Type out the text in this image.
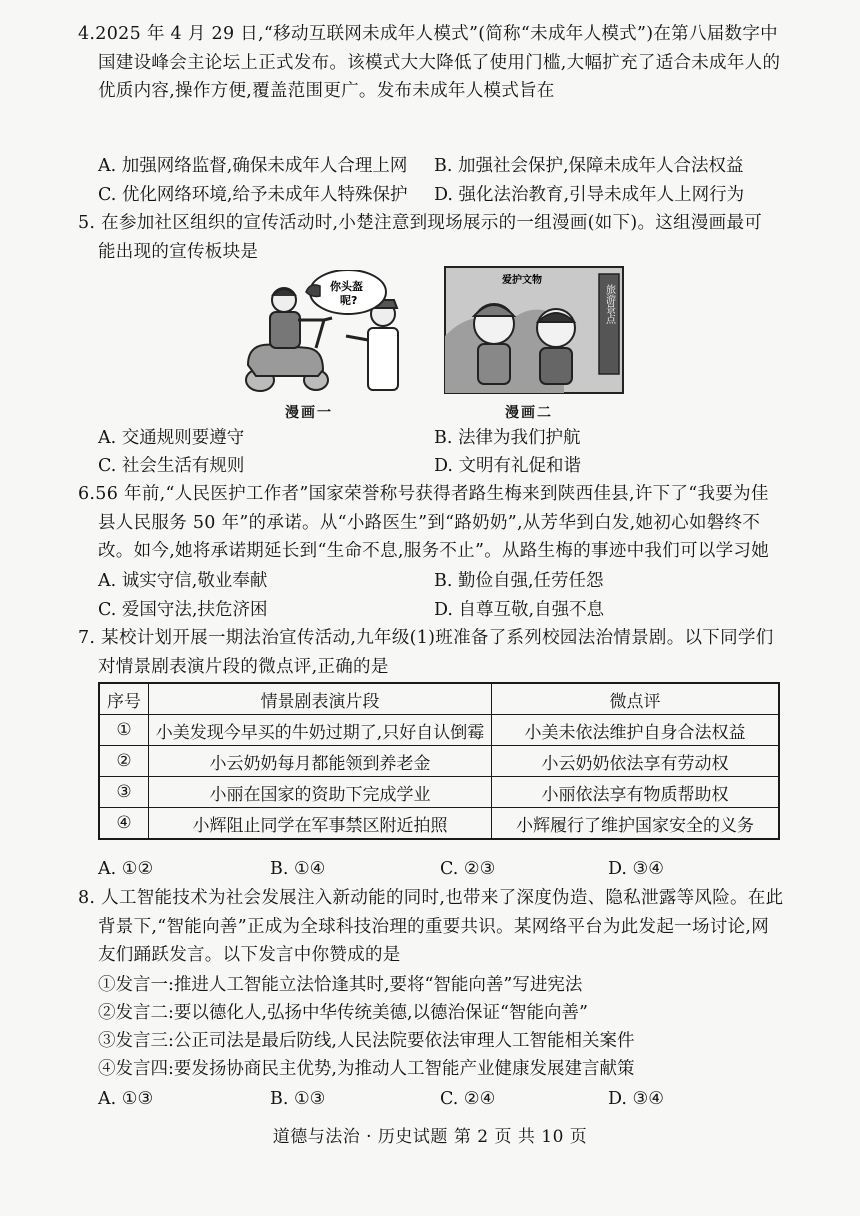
4.2025 年 4 月 29 日,“移动互联网未成年人模式”(简称“未成年人模式”)在第八届数字中
国建设峰会主论坛上正式发布。该模式大大降低了使用门槛,大幅扩充了适合未成年人的
优质内容,操作方便,覆盖范围更广。发布未成年人模式旨在
A. 加强网络监督,确保未成年人合理上网 B. 加强社会保护,保障未成年人合法权益
C. 优化网络环境,给予未成年人特殊保护 D. 强化法治教育,引导未成年人上网行为
5. 在参加社区组织的宣传活动时,小楚注意到现场展示的一组漫画(如下)。这组漫画最可
能出现的宣传板块是
你头盔
呢?
漫画一
旅游景点
爱护文物
漫画二
A. 交通规则要遵守	B. 法律为我们护航
C. 社会生活有规则	D. 文明有礼促和谐
6.56 年前,“人民医护工作者”国家荣誉称号获得者路生梅来到陕西佳县,许下了“我要为佳
县人民服务 50 年”的承诺。从“小路医生”到“路奶奶”,从芳华到白发,她初心如磐终不
改。如今,她将承诺期延长到“生命不息,服务不止”。从路生梅的事迹中我们可以学习她
A. 诚实守信,敬业奉献	B. 勤俭自强,任劳任怨
C. 爱国守法,扶危济困	D. 自尊互敬,自强不息
7. 某校计划开展一期法治宣传活动,九年级(1)班准备了系列校园法治情景剧。以下同学们
对情景剧表演片段的微点评,正确的是
序号	情景剧表演片段	微点评
①	小美发现今早买的牛奶过期了,只好自认倒霉	小美未依法维护自身合法权益
②	小云奶奶每月都能领到养老金	小云奶奶依法享有劳动权
③	小丽在国家的资助下完成学业	小丽依法享有物质帮助权
④	小辉阻止同学在军事禁区附近拍照	小辉履行了维护国家安全的义务
A. ①②	B. ①④	C. ②③	D. ③④
8. 人工智能技术为社会发展注入新动能的同时,也带来了深度伪造、隐私泄露等风险。在此
背景下,“智能向善”正成为全球科技治理的重要共识。某网络平台为此发起一场讨论,网
友们踊跃发言。以下发言中你赞成的是
①发言一:推进人工智能立法恰逢其时,要将“智能向善”写进宪法
②发言二:要以德化人,弘扬中华传统美德,以德治保证“智能向善”
③发言三:公正司法是最后防线,人民法院要依法审理人工智能相关案件
④发言四:要发扬协商民主优势,为推动人工智能产业健康发展建言献策
A. ①③	B. ①③	C. ②④	D. ③④
道德与法治 · 历史试题 第 2 页 共 10 页
